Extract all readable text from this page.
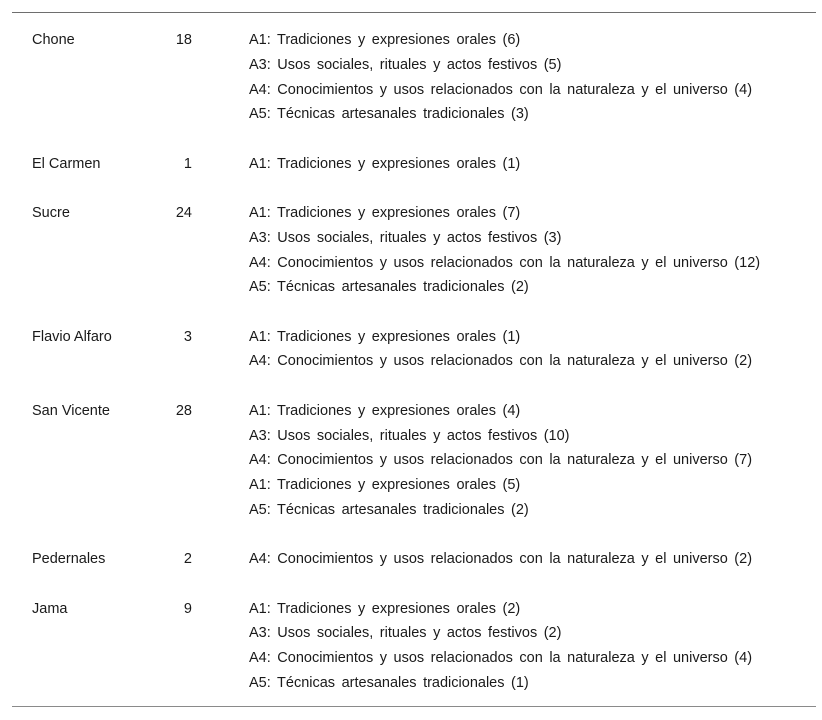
Chone	18	A1: Tradiciones y expresiones orales (6)
A3: Usos sociales, rituales y actos festivos (5)
A4: Conocimientos y usos relacionados con la naturaleza y el universo (4)
A5: Técnicas artesanales tradicionales (3)
El Carmen	1	A1: Tradiciones y expresiones orales (1)
Sucre	24	A1: Tradiciones y expresiones orales (7)
A3: Usos sociales, rituales y actos festivos (3)
A4: Conocimientos y usos relacionados con la naturaleza y el universo (12)
A5: Técnicas artesanales tradicionales (2)
Flavio Alfaro	3	A1: Tradiciones y expresiones orales (1)
A4: Conocimientos y usos relacionados con la naturaleza y el universo (2)
San Vicente	28	A1: Tradiciones y expresiones orales (4)
A3: Usos sociales, rituales y actos festivos (10)
A4: Conocimientos y usos relacionados con la naturaleza y el universo (7)
A1: Tradiciones y expresiones orales (5)
A5: Técnicas artesanales tradicionales (2)
Pedernales	2	A4: Conocimientos y usos relacionados con la naturaleza y el universo (2)
Jama	9	A1: Tradiciones y expresiones orales (2)
A3: Usos sociales, rituales y actos festivos (2)
A4: Conocimientos y usos relacionados con la naturaleza y el universo (4)
A5: Técnicas artesanales tradicionales (1)
